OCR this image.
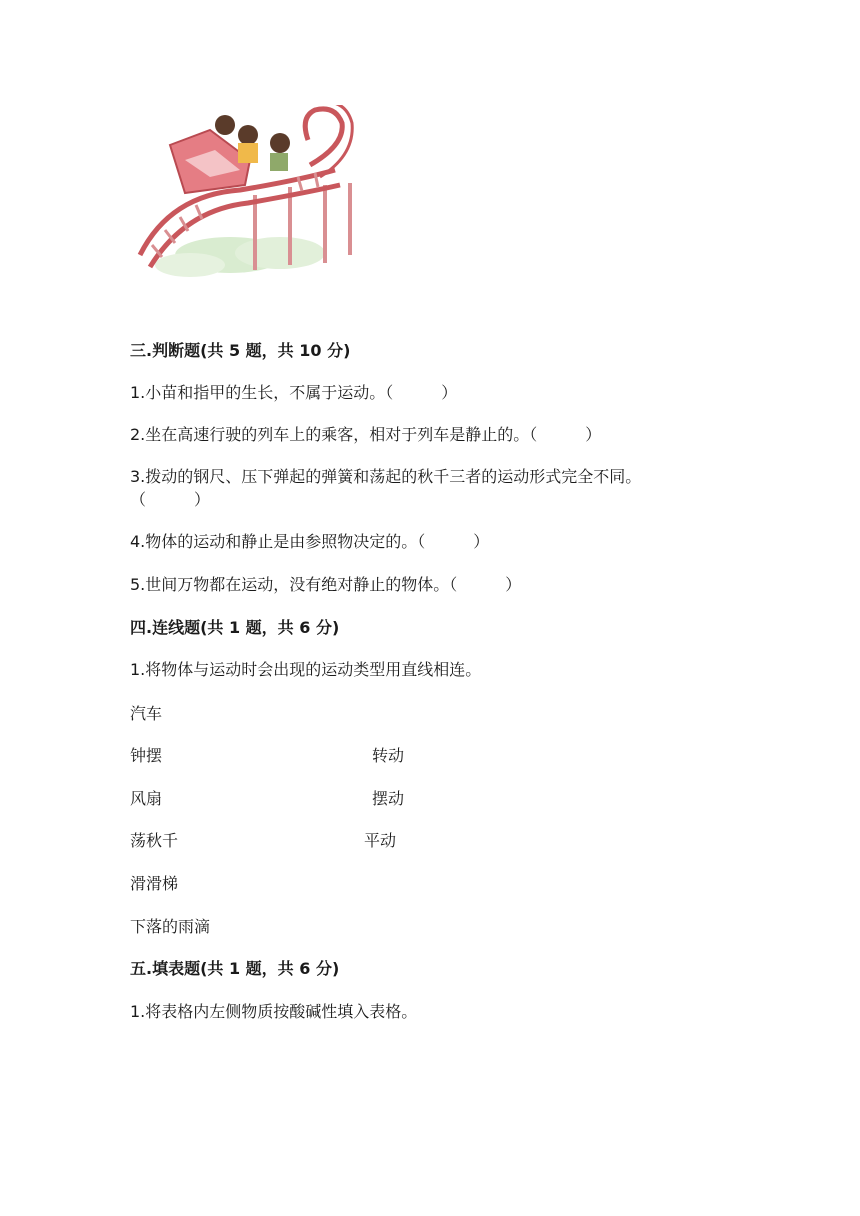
三.判断题(共 5 题，共 10 分)
1.小苗和指甲的生长，不属于运动。（　　　）
2.坐在高速行驶的列车上的乘客，相对于列车是静止的。（　　　）
3.拨动的钢尺、压下弹起的弹簧和荡起的秋千三者的运动形式完全不同。
（　　　）
4.物体的运动和静止是由参照物决定的。（　　　）
5.世间万物都在运动，没有绝对静止的物体。（　　　）
四.连线题(共 1 题，共 6 分)
1.将物体与运动时会出现的运动类型用直线相连。
汽车
钟摆
风扇
荡秋千
滑滑梯
下落的雨滴
转动
摆动
平动
五.填表题(共 1 题，共 6 分)
1.将表格内左侧物质按酸碱性填入表格。
